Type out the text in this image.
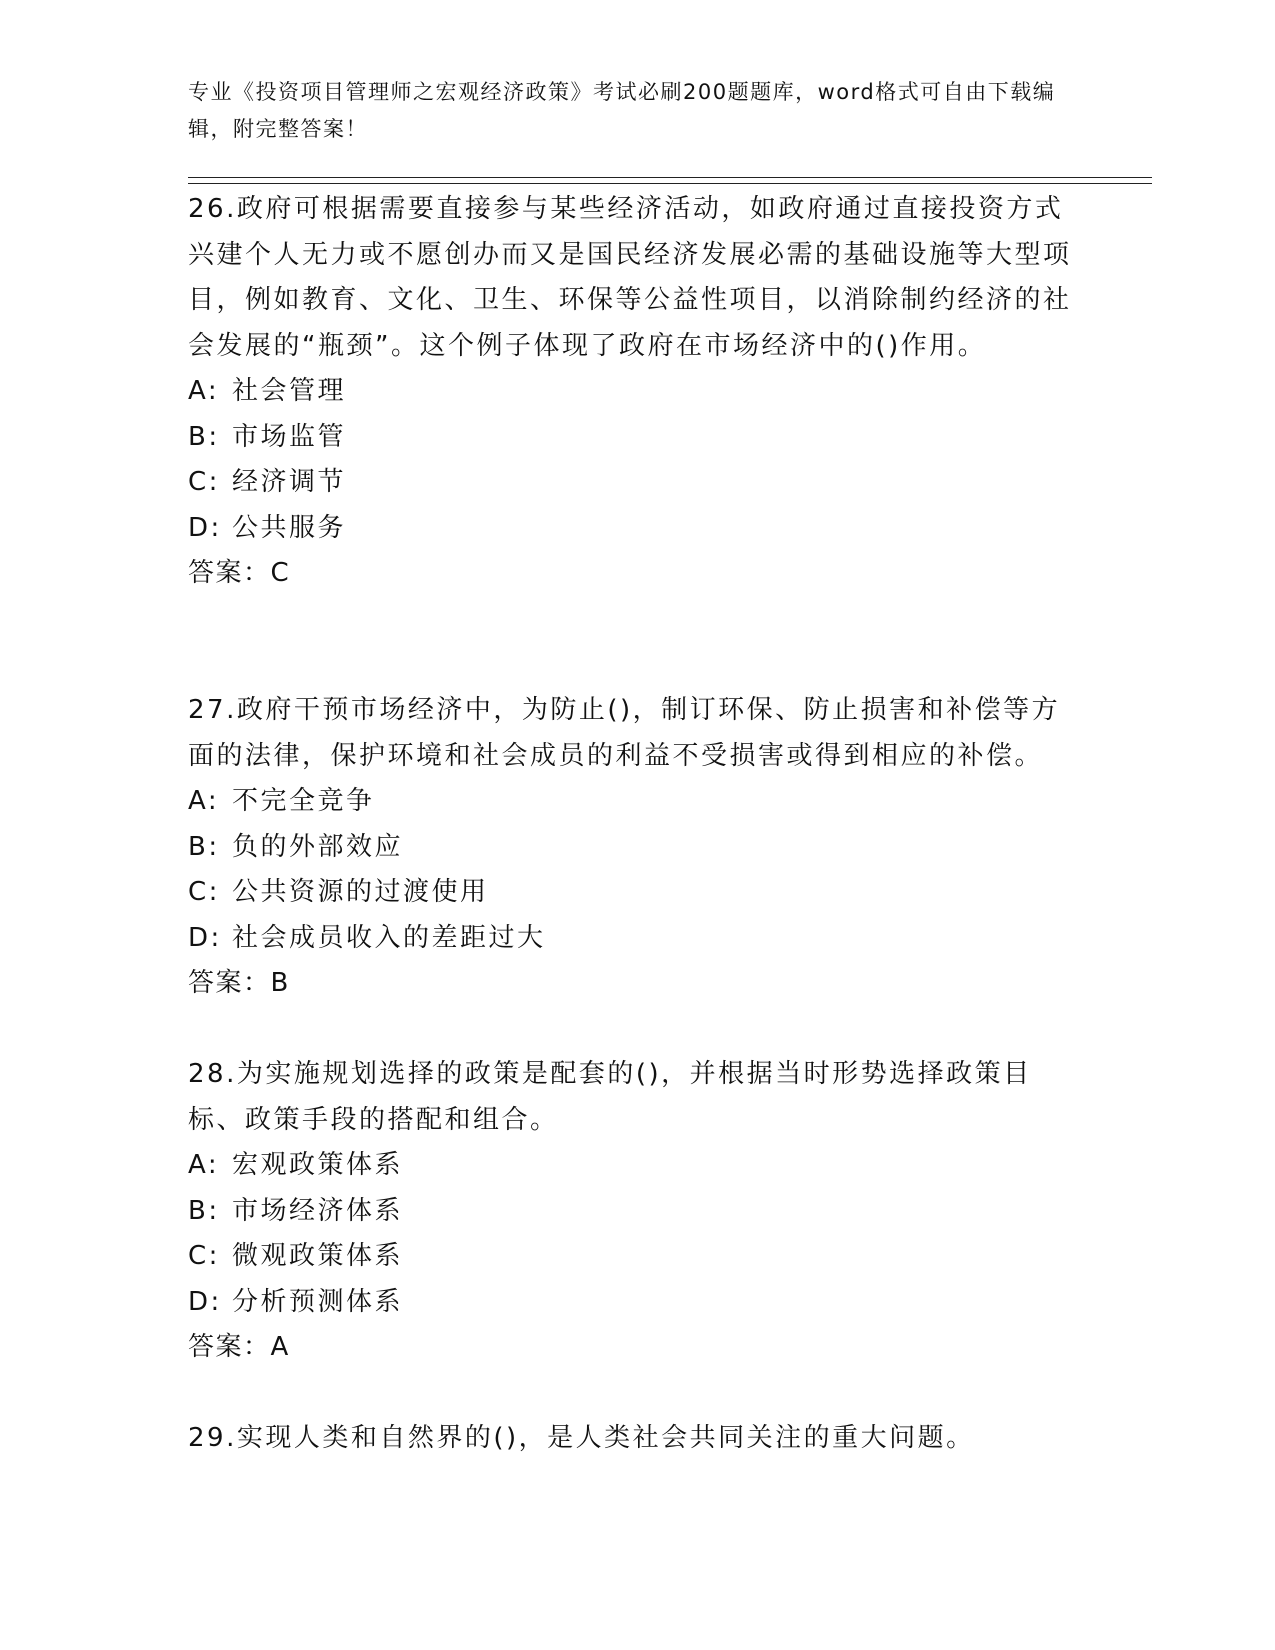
专业《投资项目管理师之宏观经济政策》考试必刷200题题库，word格式可自由下载编辑，附完整答案！

26.政府可根据需要直接参与某些经济活动，如政府通过直接投资方式兴建个人无力或不愿创办而又是国民经济发展必需的基础设施等大型项目，例如教育、文化、卫生、环保等公益性项目，以消除制约经济的社会发展的“瓶颈”。这个例子体现了政府在市场经济中的()作用。

A: 社会管理

B: 市场监管

C: 经济调节

D: 公共服务

答案：C

27.政府干预市场经济中，为防止()，制订环保、防止损害和补偿等方面的法律，保护环境和社会成员的利益不受损害或得到相应的补偿。

A: 不完全竞争

B: 负的外部效应

C: 公共资源的过渡使用

D: 社会成员收入的差距过大

答案：B

28.为实施规划选择的政策是配套的()，并根据当时形势选择政策目标、政策手段的搭配和组合。

A: 宏观政策体系

B: 市场经济体系

C: 微观政策体系

D: 分析预测体系

答案：A

29.实现人类和自然界的()，是人类社会共同关注的重大问题。
